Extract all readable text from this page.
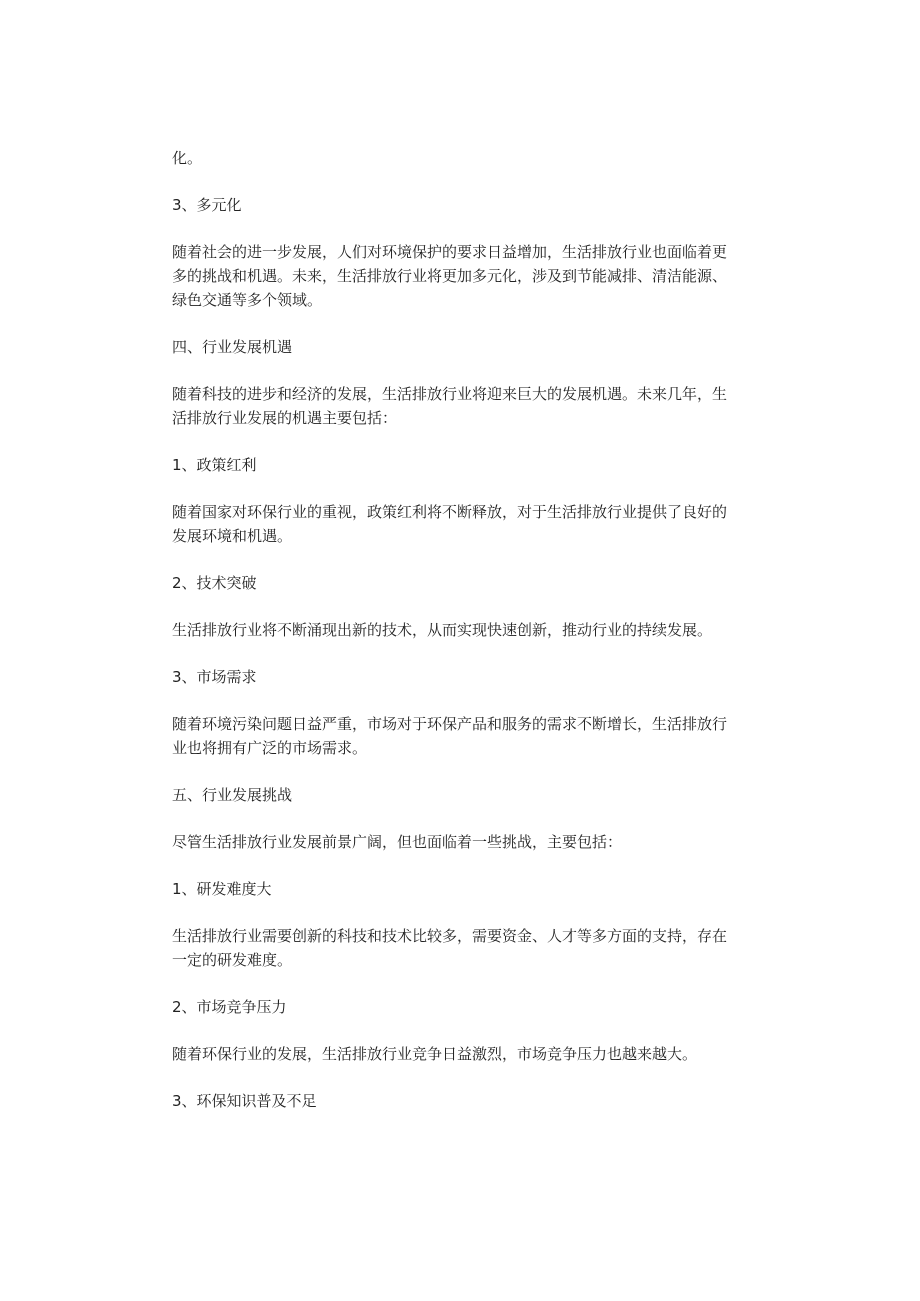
化。
3、多元化
随着社会的进一步发展，人们对环境保护的要求日益增加，生活排放行业也面临着更
多的挑战和机遇。未来，生活排放行业将更加多元化，涉及到节能减排、清洁能源、
绿色交通等多个领域。
四、行业发展机遇
随着科技的进步和经济的发展，生活排放行业将迎来巨大的发展机遇。未来几年，生
活排放行业发展的机遇主要包括：
1、政策红利
随着国家对环保行业的重视，政策红利将不断释放，对于生活排放行业提供了良好的
发展环境和机遇。
2、技术突破
生活排放行业将不断涌现出新的技术，从而实现快速创新，推动行业的持续发展。
3、市场需求
随着环境污染问题日益严重，市场对于环保产品和服务的需求不断增长，生活排放行
业也将拥有广泛的市场需求。
五、行业发展挑战
尽管生活排放行业发展前景广阔，但也面临着一些挑战，主要包括：
1、研发难度大
生活排放行业需要创新的科技和技术比较多，需要资金、人才等多方面的支持，存在
一定的研发难度。
2、市场竞争压力
随着环保行业的发展，生活排放行业竞争日益激烈，市场竞争压力也越来越大。
3、环保知识普及不足
